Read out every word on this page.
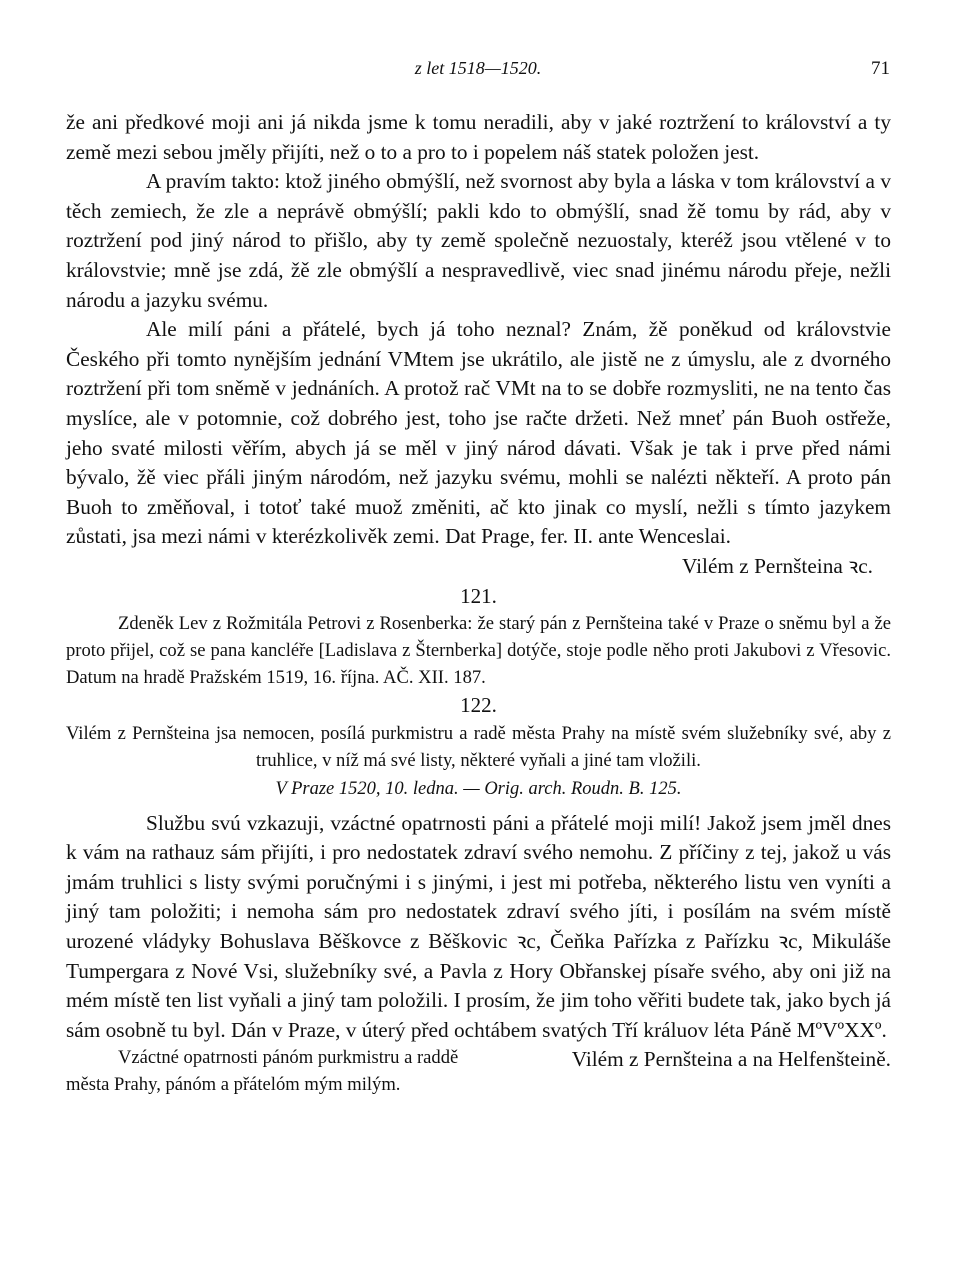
z let 1518—1520.	71

že ani předkové moji ani já nikda jsme k tomu neradili, aby v jaké roztržení to království a ty země mezi sebou jměly přijíti, než o to a pro to i popelem náš statek položen jest.

A pravím takto: ktož jiného obmýšlí, než svornost aby byla a láska v tom království a v těch zemiech, že zle a neprávě obmýšlí; pakli kdo to obmýšlí, snad žě tomu by rád, aby v roztržení pod jiný národ to přišlo, aby ty země společně nezuostaly, kteréž jsou vtělené v to královstvie; mně jse zdá, žě zle obmýšlí a nespravedlivě, viec snad jinému národu přeje, nežli národu a jazyku svému.

Ale milí páni a přátelé, bych já toho neznal? Znám, žě poněkud od královstvie Českého při tomto nynějším jednání VMtem jse ukrátilo, ale jistě ne z úmyslu, ale z dvorného roztržení při tom sněmě v jednáních. A protož rač VMt na to se dobře rozmysliti, ne na tento čas myslíce, ale v potomnie, což dobrého jest, toho jse račte držeti. Než mneť pán Buoh ostřeže, jeho svaté milosti věřím, abych já se měl v jiný národ dávati. Však je tak i prve před námi bývalo, žě viec přáli jiným národóm, než jazyku svému, mohli se nalézti někteří. A proto pán Buoh to změňoval, i totoť také muož změniti, ač kto jinak co myslí, nežli s tímto jazykem zůstati, jsa mezi námi v kterézkolivěk zemi. Dat Prage, fer. II. ante Wenceslai.

Vilém z Pernšteina ꝛc.

121.

Zdeněk Lev z Rožmitála Petrovi z Rosenberka: že starý pán z Pernšteina také v Praze o sněmu byl a že proto přijel, což se pana kancléře [Ladislava z Šternberka] dotýče, stoje podle něho proti Jakubovi z Vřesovic. Datum na hradě Pražském 1519, 16. října. AČ. XII. 187.

122.

Vilém z Pernšteina jsa nemocen, posílá purkmistru a radě města Prahy na místě svém služebníky své, aby z truhlice, v níž má své listy, některé vyňali a jiné tam vložili.

V Praze 1520, 10. ledna. — Orig. arch. Roudn. B. 125.

Službu svú vzkazuji, vzáctné opatrnosti páni a přátelé moji milí! Jakož jsem jměl dnes k vám na rathauz sám přijíti, i pro nedostatek zdraví svého nemohu. Z příčiny z tej, jakož u vás jmám truhlici s listy svými poručnými i s jinými, i jest mi potřeba, některého listu ven vyníti a jiný tam položiti; i nemoha sám pro nedostatek zdraví svého jíti, i posílám na svém místě urozené vládyky Bohuslava Běškovce z Běškovic ꝛc, Čeňka Pařízka z Pařízku ꝛc, Mikuláše Tumpergara z Nové Vsi, služebníky své, a Pavla z Hory Obřanskej písaře svého, aby oni již na mém místě ten list vyňali a jiný tam položili. I prosím, že jim toho věřiti budete tak, jako bych já sám osobně tu byl. Dán v Praze, v úterý před ochtábem svatých Tří králuov léta Páně MºVºXXº.
Vilém z Pernšteina a na Helfenšteině.

Vzáctné opatrnosti pánóm purkmistru a raddě města Prahy, pánóm a přátelóm mým milým.
